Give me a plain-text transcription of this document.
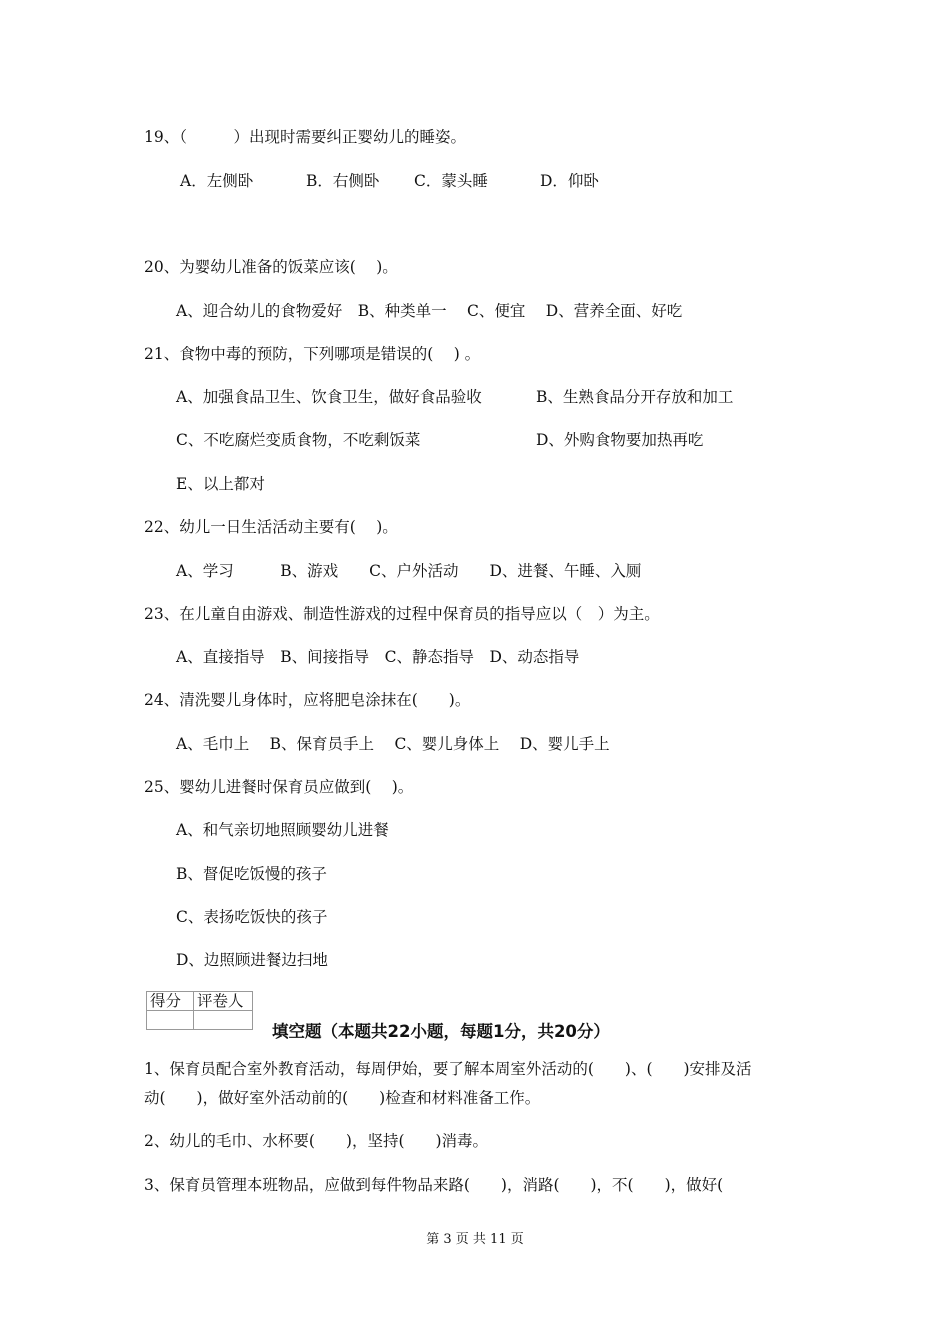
19、（　　　）出现时需要纠正婴幼儿的睡姿。
A．左侧卧	B．右侧卧 C．蒙头睡	D．仰卧
20、为婴幼儿准备的饭菜应该(　 )。
A、迎合幼儿的食物爱好　B、种类单一　 C、便宜　 D、营养全面、好吃
21、食物中毒的预防，下列哪项是错误的(　 ) 。
A、加强食品卫生、饮食卫生，做好食品验收	B、生熟食品分开存放和加工
C、不吃腐烂变质食物，不吃剩饭菜	D、外购食物要加热再吃
E、以上都对
22、幼儿一日生活活动主要有(　 )。
A、学习　　　B、游戏　　C、户外活动　　D、进餐、午睡、入厕
23、在儿童自由游戏、制造性游戏的过程中保育员的指导应以（　）为主。
A、直接指导　B、间接指导　C、静态指导　D、动态指导
24、清洗婴儿身体时，应将肥皂涂抹在(　　)。
A、毛巾上　 B、保育员手上　 C、婴儿身体上　 D、婴儿手上
25、婴幼儿进餐时保育员应做到(　 )。
A、和气亲切地照顾婴幼儿进餐
B、督促吃饭慢的孩子
C、表扬吃饭快的孩子
D、边照顾进餐边扫地
得分	评卷人

填空题（本题共22小题，每题1分，共20分）
1、保育员配合室外教育活动，每周伊始，要了解本周室外活动的(　　)、(　　)安排及活
动(　　)，做好室外活动前的(　　)检查和材料准备工作。
2、幼儿的毛巾、水杯要(　　)，坚持(　　)消毒。
3、保育员管理本班物品，应做到每件物品来路(　　)，消路(　　)，不(　　)，做好(
第 3 页 共 11 页
